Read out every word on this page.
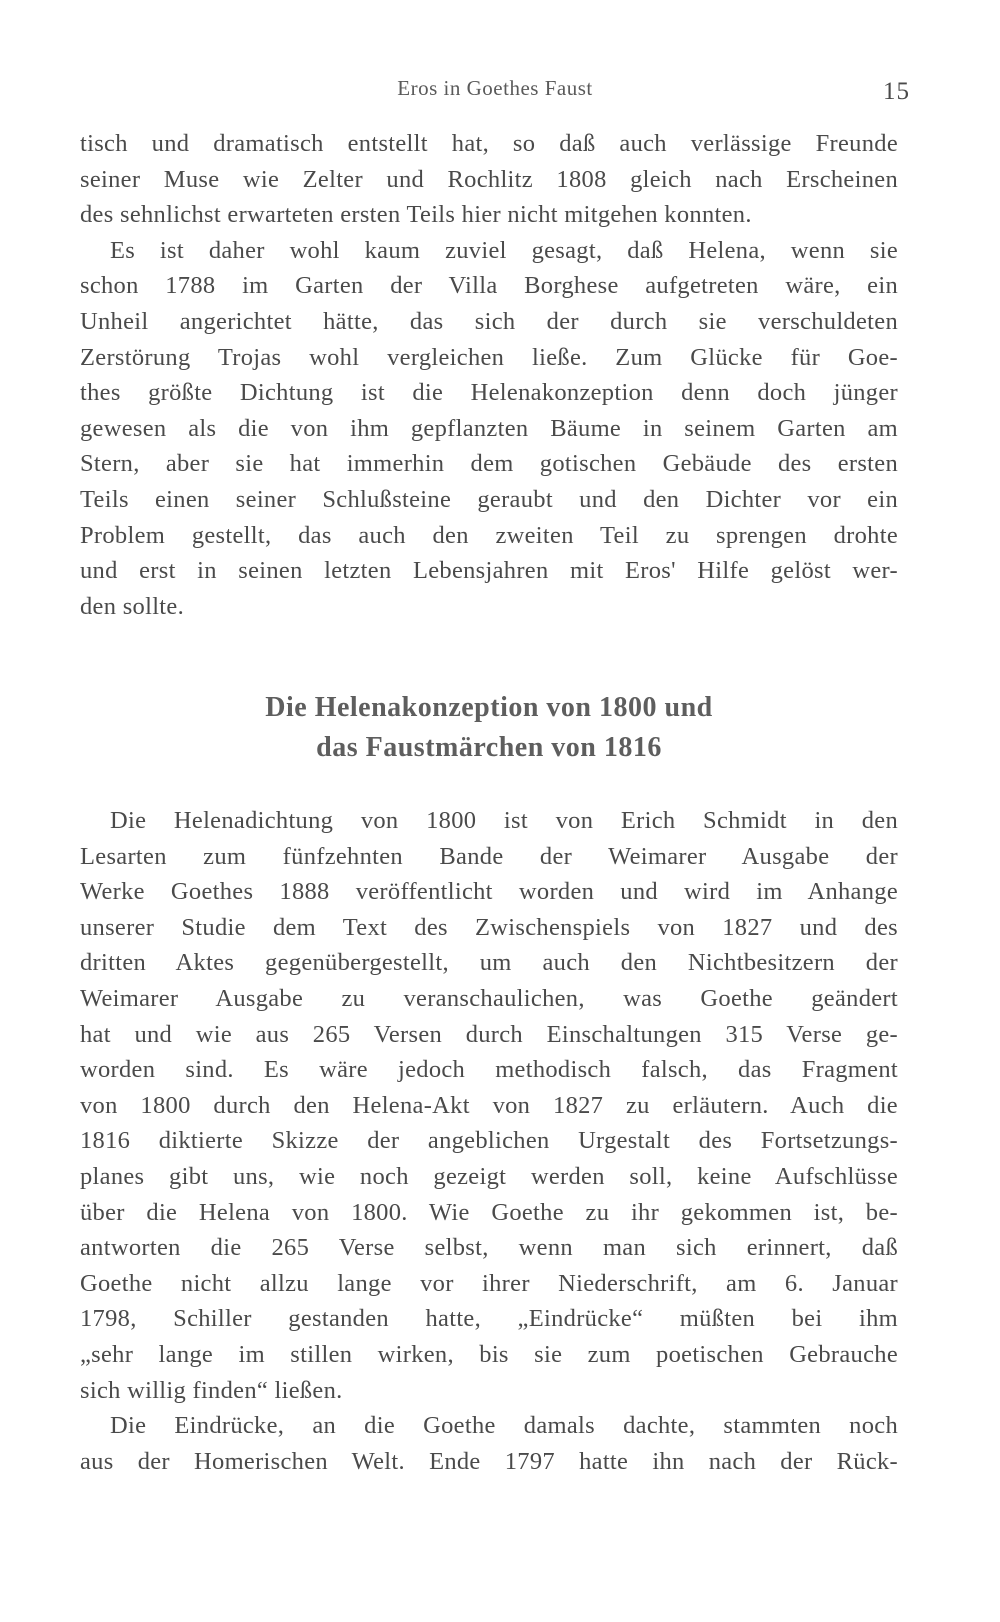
Eros in Goethes Faust	15
tisch und dramatisch entstellt hat, so daß auch verlässige Freunde
seiner Muse wie Zelter und Rochlitz 1808 gleich nach Erscheinen
des sehnlichst erwarteten ersten Teils hier nicht mitgehen konnten.
Es ist daher wohl kaum zuviel gesagt, daß Helena, wenn sie
schon 1788 im Garten der Villa Borghese aufgetreten wäre, ein
Unheil angerichtet hätte, das sich der durch sie verschuldeten
Zerstörung Trojas wohl vergleichen ließe. Zum Glücke für Goe-
thes größte Dichtung ist die Helenakonzeption denn doch jünger
gewesen als die von ihm gepflanzten Bäume in seinem Garten am
Stern, aber sie hat immerhin dem gotischen Gebäude des ersten
Teils einen seiner Schlußsteine geraubt und den Dichter vor ein
Problem gestellt, das auch den zweiten Teil zu sprengen drohte
und erst in seinen letzten Lebensjahren mit Eros' Hilfe gelöst wer-
den sollte.
Die Helenakonzeption von 1800 und
das Faustmärchen von 1816
Die Helenadichtung von 1800 ist von Erich Schmidt in den
Lesarten zum fünfzehnten Bande der Weimarer Ausgabe der
Werke Goethes 1888 veröffentlicht worden und wird im Anhange
unserer Studie dem Text des Zwischenspiels von 1827 und des
dritten Aktes gegenübergestellt, um auch den Nichtbesitzern der
Weimarer Ausgabe zu veranschaulichen, was Goethe geändert
hat und wie aus 265 Versen durch Einschaltungen 315 Verse ge-
worden sind. Es wäre jedoch methodisch falsch, das Fragment
von 1800 durch den Helena-Akt von 1827 zu erläutern. Auch die
1816 diktierte Skizze der angeblichen Urgestalt des Fortsetzungs-
planes gibt uns, wie noch gezeigt werden soll, keine Aufschlüsse
über die Helena von 1800. Wie Goethe zu ihr gekommen ist, be-
antworten die 265 Verse selbst, wenn man sich erinnert, daß
Goethe nicht allzu lange vor ihrer Niederschrift, am 6. Januar
1798, Schiller gestanden hatte, „Eindrücke“ müßten bei ihm
„sehr lange im stillen wirken, bis sie zum poetischen Gebrauche
sich willig finden“ ließen.
Die Eindrücke, an die Goethe damals dachte, stammten noch
aus der Homerischen Welt. Ende 1797 hatte ihn nach der Rück-
